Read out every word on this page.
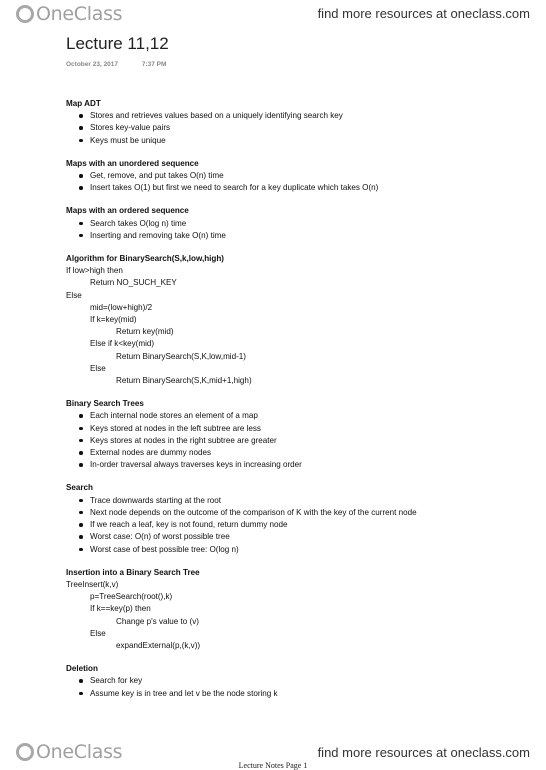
OneClass	find more resources at oneclass.com
Lecture 11,12
October 23, 2017	7:37 PM
Map ADT
Stores and retrieves values based on a uniquely identifying search key
Stores key-value pairs
Keys must be unique
Maps with an unordered sequence
Get, remove, and put takes O(n) time
Insert takes O(1) but first we need to search for a key duplicate which takes O(n)
Maps with an ordered sequence
Search takes O(log n) time
Inserting and removing take O(n) time
Algorithm for BinarySearch(S,k,low,high)
If low>high then
Return NO_SUCH_KEY
Else
mid=(low+high)/2
If k=key(mid)
Return key(mid)
Else if k<key(mid)
Return BinarySearch(S,K,low,mid-1)
Else
Return BinarySearch(S,K,mid+1,high)
Binary Search Trees
Each internal node stores an element of a map
Keys stored at nodes in the left subtree are less
Keys stores at nodes in the right subtree are greater
External nodes are dummy nodes
In-order traversal always traverses keys in increasing order
Search
Trace downwards starting at the root
Next node depends on the outcome of the comparison of K with the key of the current node
If we reach a leaf, key is not found, return dummy node
Worst case: O(n) of worst possible tree
Worst case of best possible tree: O(log n)
Insertion into a Binary Search Tree
TreeInsert(k,v)
p=TreeSearch(root(),k)
If k==key(p) then
Change p's value to (v)
Else
expandExternal(p,(k,v))
Deletion
Search for key
Assume key is in tree and let v be the node storing k
OneClass	find more resources at oneclass.com
Lecture Notes Page 1
